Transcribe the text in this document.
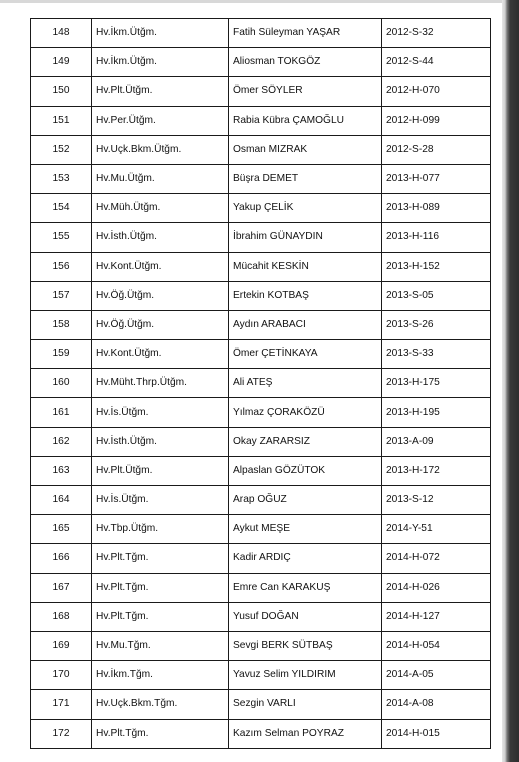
148	Hv.İkm.Ütğm.	Fatih Süleyman YAŞAR	2012-S-32
149	Hv.İkm.Ütğm.	Aliosman TOKGÖZ	2012-S-44
150	Hv.Plt.Ütğm.	Ömer SÖYLER	2012-H-070
151	Hv.Per.Ütğm.	Rabia Kübra ÇAMOĞLU	2012-H-099
152	Hv.Uçk.Bkm.Ütğm.	Osman MIZRAK	2012-S-28
153	Hv.Mu.Ütğm.	Büşra DEMET	2013-H-077
154	Hv.Müh.Ütğm.	Yakup ÇELİK	2013-H-089
155	Hv.İsth.Ütğm.	İbrahim GÜNAYDIN	2013-H-116
156	Hv.Kont.Ütğm.	Mücahit KESKİN	2013-H-152
157	Hv.Öğ.Ütğm.	Ertekin KOTBAŞ	2013-S-05
158	Hv.Öğ.Ütğm.	Aydın ARABACI	2013-S-26
159	Hv.Kont.Ütğm.	Ömer ÇETİNKAYA	2013-S-33
160	Hv.Müht.Thrp.Ütğm.	Ali ATEŞ	2013-H-175
161	Hv.İs.Ütğm.	Yılmaz ÇORAKÖZÜ	2013-H-195
162	Hv.İsth.Ütğm.	Okay ZARARSIZ	2013-A-09
163	Hv.Plt.Ütğm.	Alpaslan GÖZÜTOK	2013-H-172
164	Hv.İs.Ütğm.	Arap OĞUZ	2013-S-12
165	Hv.Tbp.Ütğm.	Aykut MEŞE	2014-Y-51
166	Hv.Plt.Tğm.	Kadir ARDIÇ	2014-H-072
167	Hv.Plt.Tğm.	Emre Can KARAKUŞ	2014-H-026
168	Hv.Plt.Tğm.	Yusuf DOĞAN	2014-H-127
169	Hv.Mu.Tğm.	Sevgi BERK SÜTBAŞ	2014-H-054
170	Hv.İkm.Tğm.	Yavuz Selim YILDIRIM	2014-A-05
171	Hv.Uçk.Bkm.Tğm.	Sezgin VARLI	2014-A-08
172	Hv.Plt.Tğm.	Kazım Selman POYRAZ	2014-H-015
